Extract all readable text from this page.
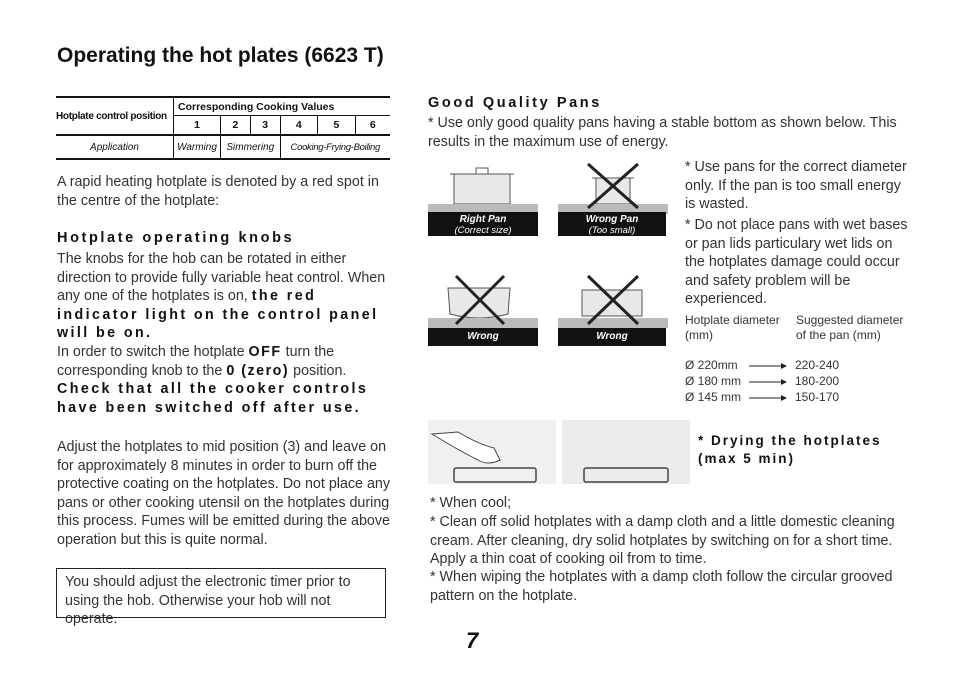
Operating the hot plates (6623 T)
Hotplate control position	Corresponding Cooking Values					
	1	2	3	4	5	6
Application	Warming	Simmering		Cooking-Frying-Boiling		
A rapid heating hotplate is denoted by a red spot in the centre of the hotplate:
Hotplate operating knobs
The knobs for the hob can be rotated in either direction to provide fully variable heat control. When any one of the hotplates is on, the red indicator light on the control panel will be on.
In order to switch the hotplate OFF turn the corresponding knob to the 0 (zero) position.
Check that all the cooker controls have been switched off after use.
Adjust the hotplates to mid position (3) and leave on for approximately 8 minutes in order to burn off the protective coating on the hotplates. Do not place any pans or other cooking utensil on the hotplates during this process. Fumes will be emitted during the above operation but this is quite normal.
You should adjust the electronic timer prior to using the hob. Otherwise your hob will not operate.
Good Quality Pans
* Use only good quality pans having a stable bottom as shown below. This results in the maximum use of energy.
Right Pan
(Correct size)
Wrong Pan
(Too small)
Wrong	Wrong
* Use pans for the correct diameter only. If the pan is too small energy is wasted.
* Do not place pans with wet bases or pan lids particulary wet lids on the hotplates damage could occur and safety problem will be experienced.
Hotplate diameter (mm)
Suggested diameter of the pan (mm)
Ø 220mm	220-240
Ø 180 mm	180-200
Ø 145 mm	150-170
* Drying the hotplates (max 5 min)
* When cool;
* Clean off solid hotplates with a damp cloth and a little domestic cleaning cream. After cleaning, dry solid hotplates by switching on for a short time. Apply a thin coat of cooking oil from to time.
* When wiping the hotplates with a damp cloth follow the circular grooved pattern on the hotplate.
7
